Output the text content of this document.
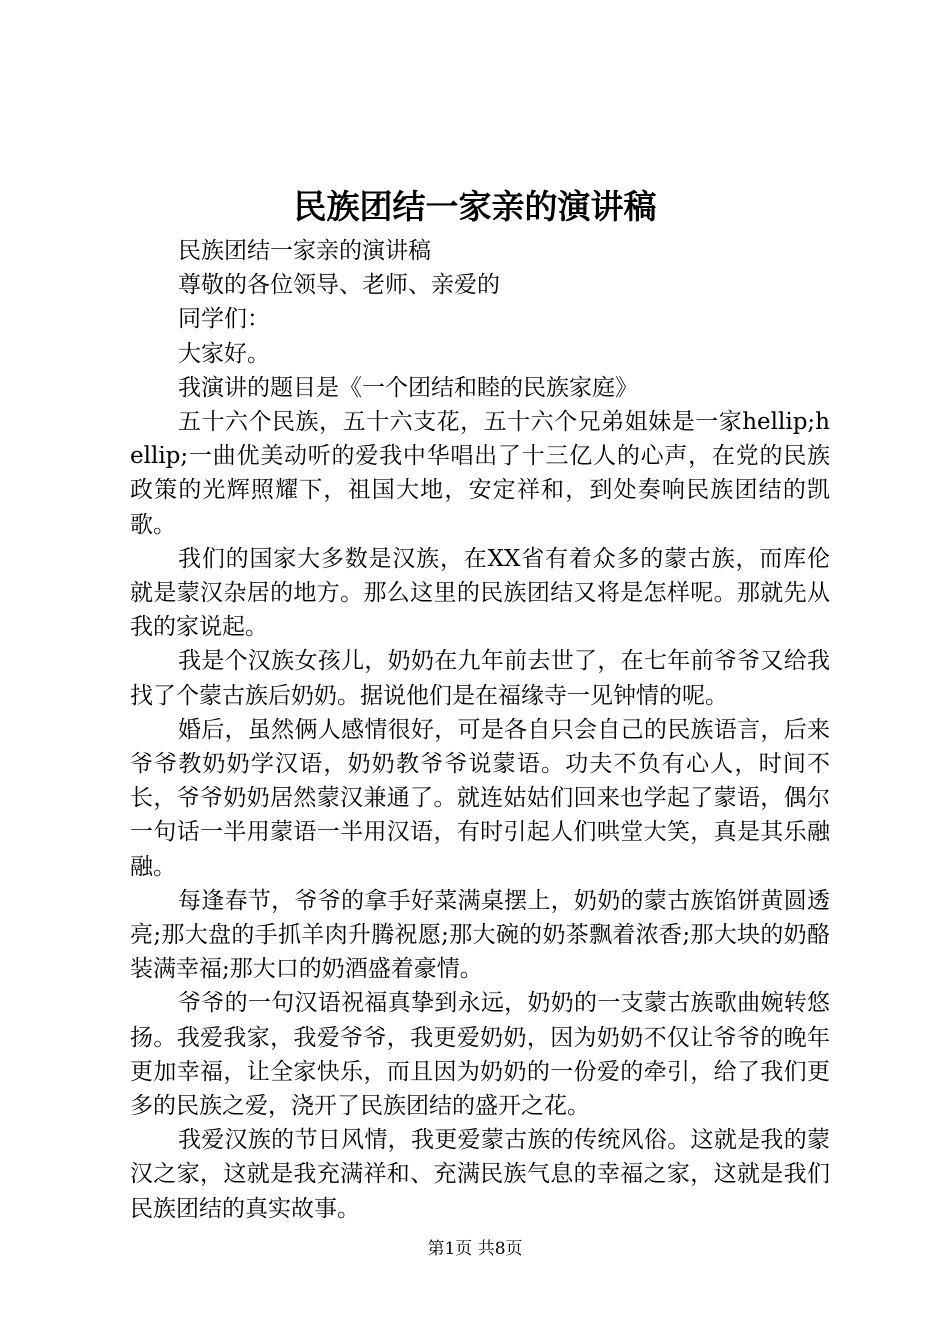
民族团结一家亲的演讲稿

民族团结一家亲的演讲稿

尊敬的各位领导、老师、亲爱的

同学们：

大家好。

我演讲的题目是《一个团结和睦的民族家庭》

五十六个民族，五十六支花，五十六个兄弟姐妹是一家hellip;hellip;一曲优美动听的爱我中华唱出了十三亿人的心声，在党的民族政策的光辉照耀下，祖国大地，安定祥和，到处奏响民族团结的凯歌。

我们的国家大多数是汉族，在XX省有着众多的蒙古族，而库伦就是蒙汉杂居的地方。那么这里的民族团结又将是怎样呢。那就先从我的家说起。

我是个汉族女孩儿，奶奶在九年前去世了，在七年前爷爷又给我找了个蒙古族后奶奶。据说他们是在福缘寺一见钟情的呢。

婚后，虽然俩人感情很好，可是各自只会自己的民族语言，后来爷爷教奶奶学汉语，奶奶教爷爷说蒙语。功夫不负有心人，时间不长，爷爷奶奶居然蒙汉兼通了。就连姑姑们回来也学起了蒙语，偶尔一句话一半用蒙语一半用汉语，有时引起人们哄堂大笑，真是其乐融融。

每逢春节，爷爷的拿手好菜满桌摆上，奶奶的蒙古族馅饼黄圆透亮;那大盘的手抓羊肉升腾祝愿;那大碗的奶茶飘着浓香;那大块的奶酪装满幸福;那大口的奶酒盛着豪情。

爷爷的一句汉语祝福真挚到永远，奶奶的一支蒙古族歌曲婉转悠扬。我爱我家，我爱爷爷，我更爱奶奶，因为奶奶不仅让爷爷的晚年更加幸福，让全家快乐，而且因为奶奶的一份爱的牵引，给了我们更多的民族之爱，浇开了民族团结的盛开之花。

我爱汉族的节日风情，我更爱蒙古族的传统风俗。这就是我的蒙汉之家，这就是我充满祥和、充满民族气息的幸福之家，这就是我们民族团结的真实故事。

第1页 共8页
